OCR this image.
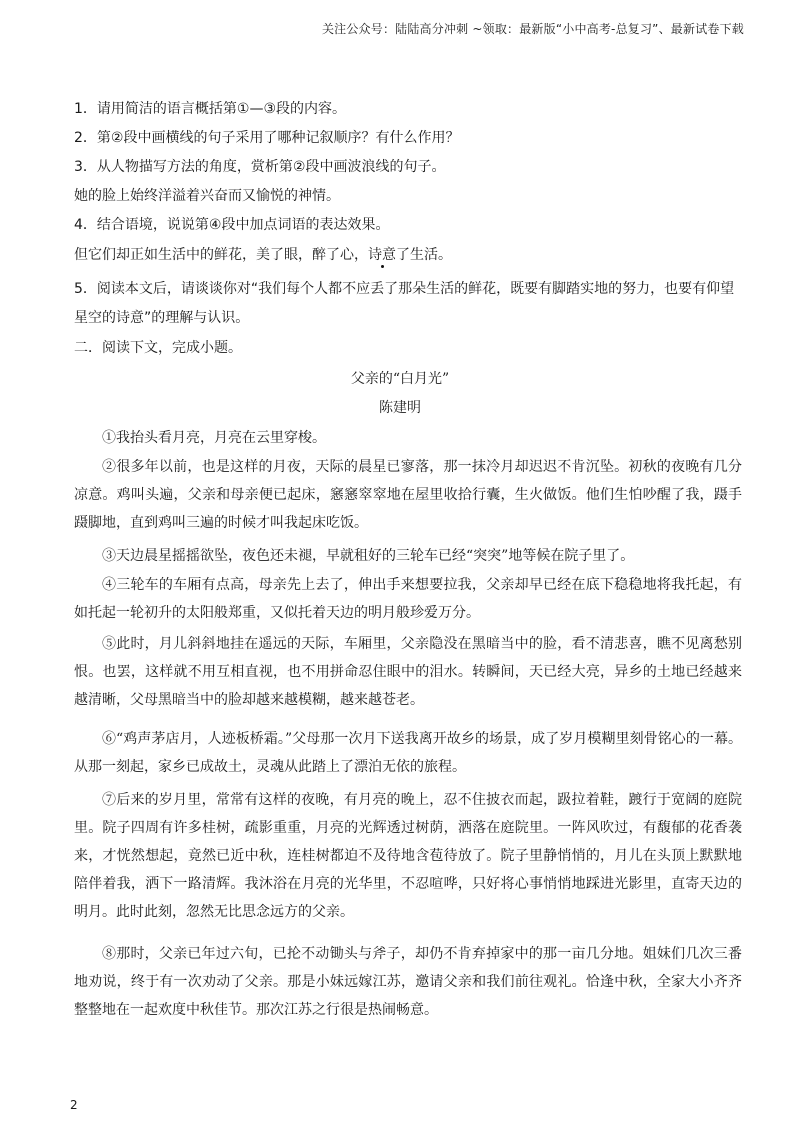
关注公众号：陆陆高分冲刺 ~领取：最新版“小中高考-总复习”、最新试卷下载
1．请用简洁的语言概括第①—③段的内容。
2．第②段中画横线的句子采用了哪种记叙顺序？有什么作用？
3．从人物描写方法的角度，赏析第②段中画波浪线的句子。
她的脸上始终洋溢着兴奋而又愉悦的神情。
4．结合语境，说说第④段中加点词语的表达效果。
但它们却正如生活中的鲜花，美了眼，醉了心，诗意了生活。
5．阅读本文后，请谈谈你对“我们每个人都不应丢了那朵生活的鲜花，既要有脚踏实地的努力，也要有仰望星空的诗意”的理解与认识。
二．阅读下文，完成小题。
父亲的“白月光”
陈建明
①我抬头看月亮，月亮在云里穿梭。
②很多年以前，也是这样的月夜，天际的晨星已寥落，那一抹冷月却迟迟不肯沉坠。初秋的夜晚有几分凉意。鸡叫头遍，父亲和母亲便已起床，窸窸窣窣地在屋里收拾行囊，生火做饭。他们生怕吵醒了我，蹑手蹑脚地，直到鸡叫三遍的时候才叫我起床吃饭。
③天边晨星摇摇欲坠，夜色还未褪，早就租好的三轮车已经“突突”地等候在院子里了。
④三轮车的车厢有点高，母亲先上去了，伸出手来想要拉我，父亲却早已经在底下稳稳地将我托起，有如托起一轮初升的太阳般郑重，又似托着天边的明月般珍爱万分。
⑤此时，月儿斜斜地挂在遥远的天际，车厢里，父亲隐没在黑暗当中的脸，看不清悲喜，瞧不见离愁别恨。也罢，这样就不用互相直视，也不用拼命忍住眼中的泪水。转瞬间，天已经大亮，异乡的土地已经越来越清晰，父母黑暗当中的脸却越来越模糊，越来越苍老。
⑥“鸡声茅店月，人迹板桥霜。”父母那一次月下送我离开故乡的场景，成了岁月模糊里刻骨铭心的一幕。从那一刻起，家乡已成故土，灵魂从此踏上了漂泊无依的旅程。
⑦后来的岁月里，常常有这样的夜晚，有月亮的晚上，忍不住披衣而起，趿拉着鞋，踱行于宽阔的庭院里。院子四周有许多桂树，疏影重重，月亮的光辉透过树荫，洒落在庭院里。一阵风吹过，有馥郁的花香袭来，才恍然想起，竟然已近中秋，连桂树都迫不及待地含苞待放了。院子里静悄悄的，月儿在头顶上默默地陪伴着我，洒下一路清辉。我沐浴在月亮的光华里，不忍喧哗，只好将心事悄悄地踩进光影里，直寄天边的明月。此时此刻，忽然无比思念远方的父亲。
⑧那时，父亲已年过六旬，已抡不动锄头与斧子，却仍不肯弃掉家中的那一亩几分地。姐妹们几次三番地劝说，终于有一次劝动了父亲。那是小妹远嫁江苏，邀请父亲和我们前往观礼。恰逢中秋，全家大小齐齐整整地在一起欢度中秋佳节。那次江苏之行很是热闹畅意。
2
